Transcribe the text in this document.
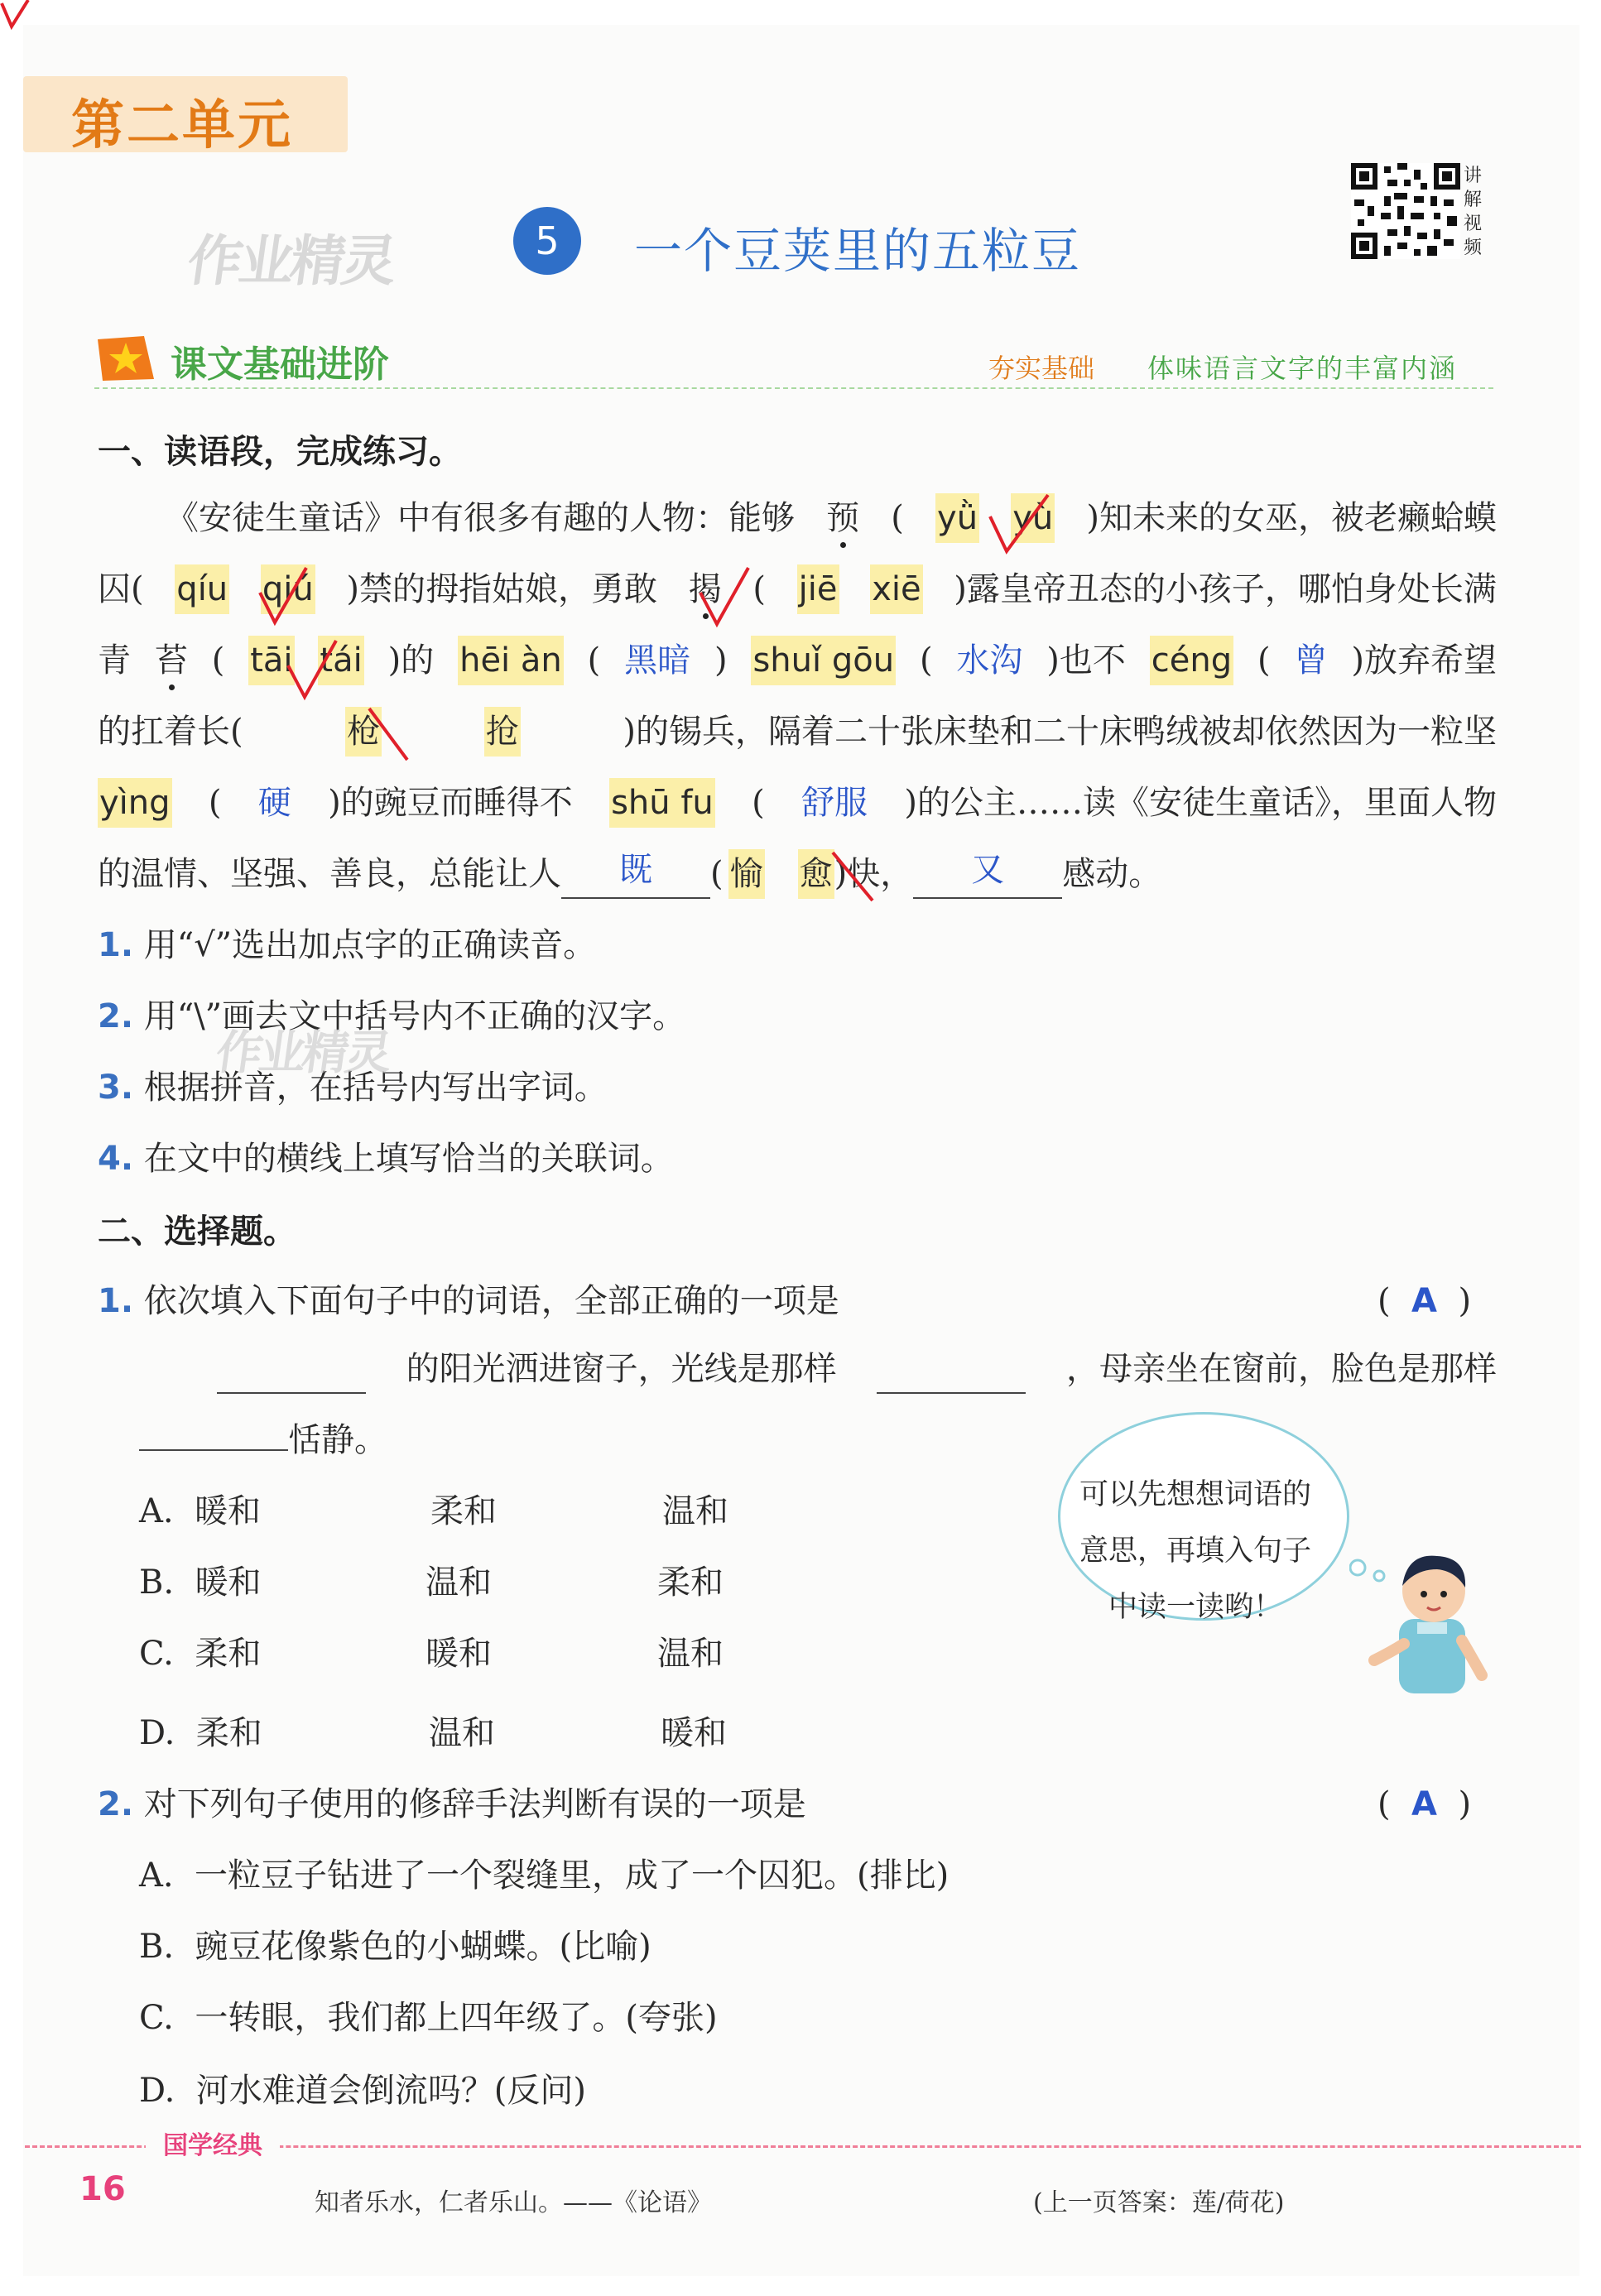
第二单元
作业精灵	5	一个豆荚里的五粒豆
讲解视频
课文基础进阶	夯实基础 体味语言文字的丰富内涵
一、读语段，完成练习。
《安徒生童话》中有很多有趣的人物：能够 预 ( yǜ yù )知未来的女巫，被老癞蛤蟆
囚( qíu qiú )禁的拇指姑娘，勇敢 揭 ( jiē xiē )露皇帝丑态的小孩子，哪怕身处长满
青 苔 ( tāi tái )的 hēi àn ( 黑暗 ) shuǐ gōu ( 水沟 )也不 céng ( 曾 )放弃希望
的扛着长(	枪	抢	)的锡兵，隔着二十张床垫和二十床鸭绒被却依然因为一粒坚
yìng ( 硬 )的豌豆而睡得不 shū fu ( 舒服 )的公主……读《安徒生童话》，里面人物
的温情、坚强、善良，总能让人	既	( 愉 愈 )快，	又	感动。
1. 用“√”选出加点字的正确读音。
2. 用“\”画去文中括号内不正确的汉字。
3. 根据拼音，在括号内写出字词。
4. 在文中的横线上填写恰当的关联词。
作业精灵
二、选择题。
1. 依次填入下面句子中的词语，全部正确的一项是	(  A  )
的阳光洒进窗子，光线是那样	，母亲坐在窗前，脸色是那样
恬静。
A. 暖和	柔和	温和
B. 暖和	温和	柔和
C. 柔和	暖和	温和
D. 柔和	温和	暖和
可以先想想词语的
意思，再填入句子
中读一读哟！
2. 对下列句子使用的修辞手法判断有误的一项是	(  A  )
A. 一粒豆子钻进了一个裂缝里，成了一个囚犯。(排比)
B. 豌豆花像紫色的小蝴蝶。(比喻)
C. 一转眼，我们都上四年级了。(夸张)
D. 河水难道会倒流吗？(反问)
国学经典
16	知者乐水，仁者乐山。——《论语》	(上一页答案：莲/荷花)
